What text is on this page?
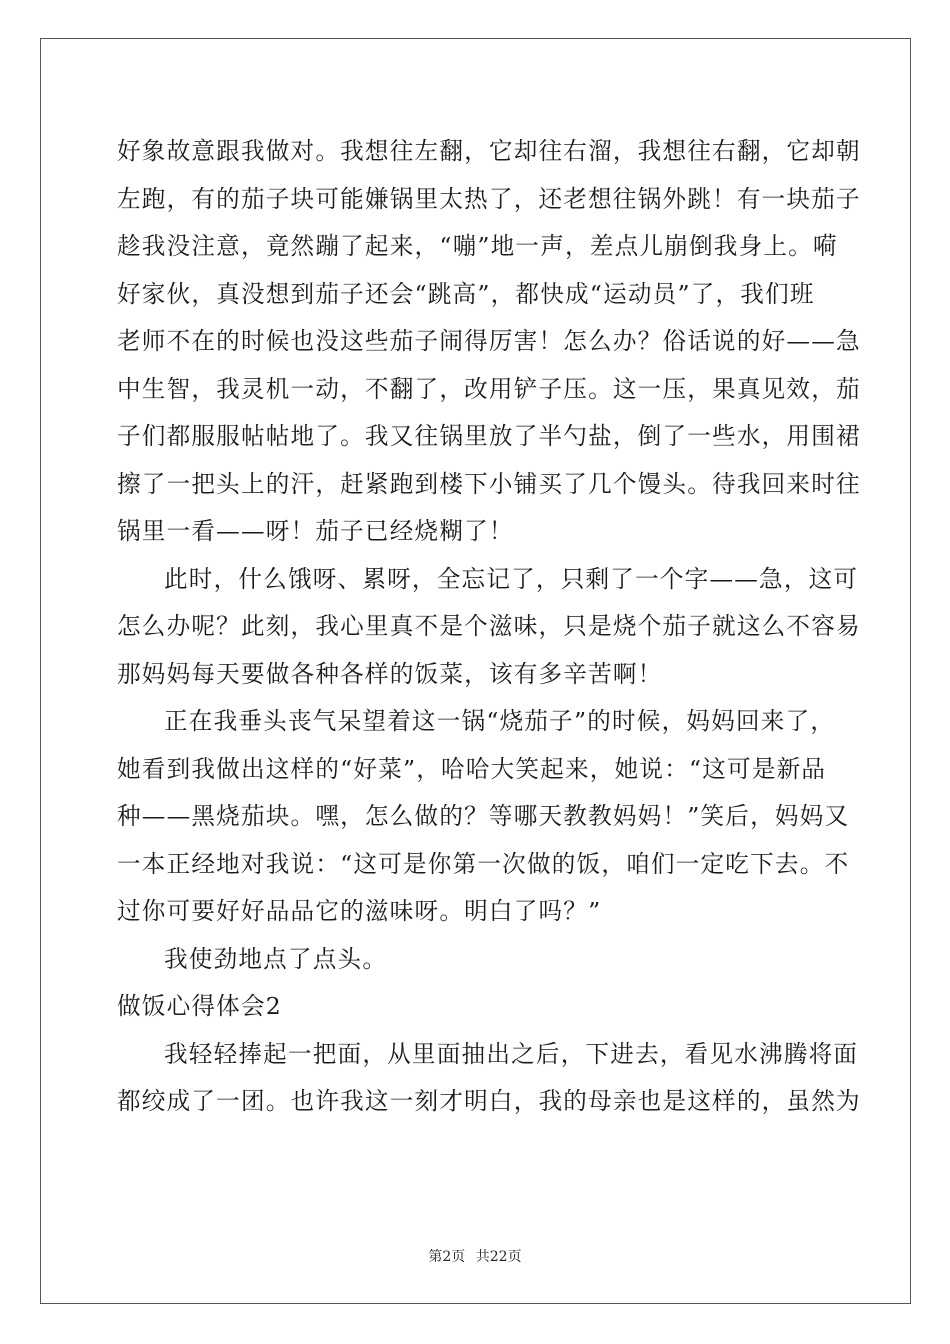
好象故意跟我做对。我想往左翻，它却往右溜，我想往右翻，它却朝
左跑，有的茄子块可能嫌锅里太热了，还老想往锅外跳！有一块茄子
趁我没注意，竟然蹦了起来，“嘣”地一声，差点儿崩倒我身上。嗬
好家伙，真没想到茄子还会“跳高”，都快成“运动员”了，我们班
老师不在的时候也没这些茄子闹得厉害！怎么办？俗话说的好——急
中生智，我灵机一动，不翻了，改用铲子压。这一压，果真见效，茄
子们都服服帖帖地了。我又往锅里放了半勺盐，倒了一些水，用围裙
擦了一把头上的汗，赶紧跑到楼下小铺买了几个馒头。待我回来时往
锅里一看——呀！茄子已经烧糊了！
此时，什么饿呀、累呀，全忘记了，只剩了一个字——急，这可
怎么办呢？此刻，我心里真不是个滋味，只是烧个茄子就这么不容易
那妈妈每天要做各种各样的饭菜，该有多辛苦啊！
正在我垂头丧气呆望着这一锅“烧茄子”的时候，妈妈回来了，
她看到我做出这样的“好菜”，哈哈大笑起来，她说：“这可是新品
种——黑烧茄块。嘿，怎么做的？等哪天教教妈妈！”笑后，妈妈又
一本正经地对我说：“这可是你第一次做的饭，咱们一定吃下去。不
过你可要好好品品它的滋味呀。明白了吗？”
我使劲地点了点头。
做饭心得体会2
我轻轻捧起一把面，从里面抽出之后，下进去，看见水沸腾将面
都绞成了一团。也许我这一刻才明白，我的母亲也是这样的，虽然为
第2页 共22页
